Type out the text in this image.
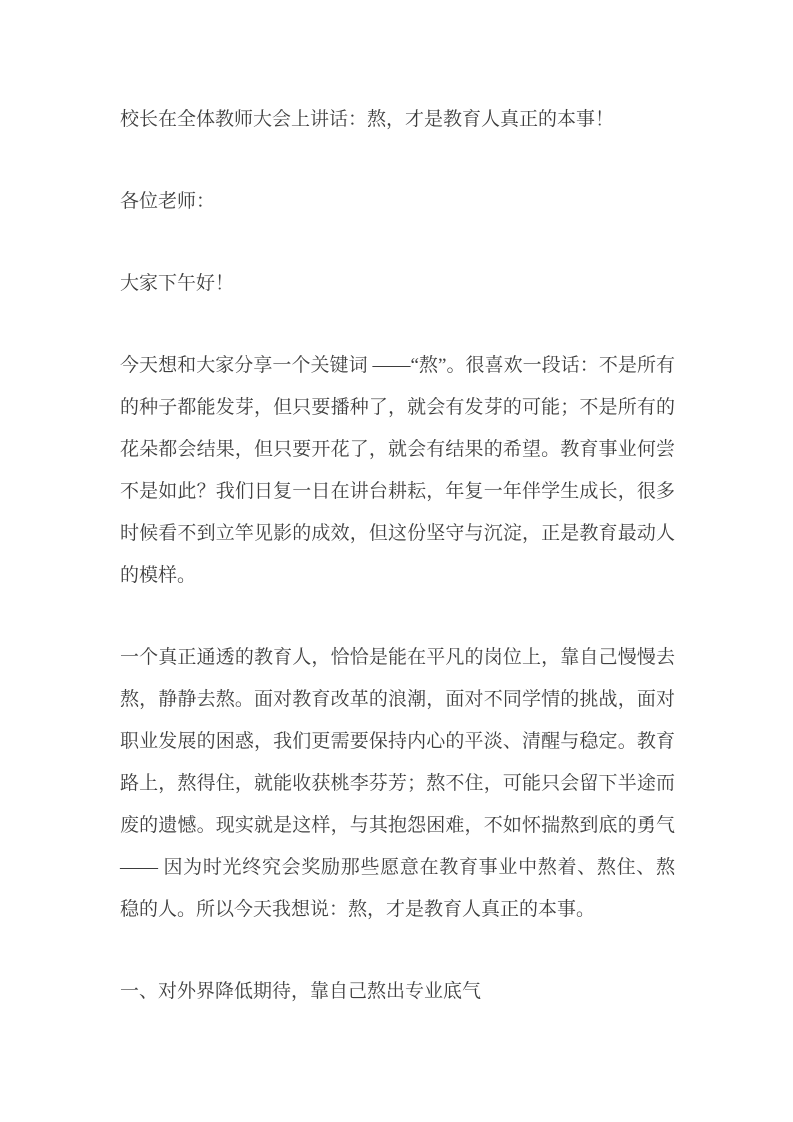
校长在全体教师大会上讲话：熬，才是教育人真正的本事！
各位老师：
大家下午好！
今天想和大家分享一个关键词 ——“熬”。很喜欢一段话：不是所有的种子都能发芽，但只要播种了，就会有发芽的可能；不是所有的花朵都会结果，但只要开花了，就会有结果的希望。教育事业何尝不是如此？我们日复一日在讲台耕耘，年复一年伴学生成长，很多时候看不到立竿见影的成效，但这份坚守与沉淀，正是教育最动人的模样。
一个真正通透的教育人，恰恰是能在平凡的岗位上，靠自己慢慢去熬，静静去熬。面对教育改革的浪潮，面对不同学情的挑战，面对职业发展的困惑，我们更需要保持内心的平淡、清醒与稳定。教育路上，熬得住，就能收获桃李芬芳；熬不住，可能只会留下半途而废的遗憾。现实就是这样，与其抱怨困难，不如怀揣熬到底的勇气 —— 因为时光终究会奖励那些愿意在教育事业中熬着、熬住、熬稳的人。所以今天我想说：熬，才是教育人真正的本事。
一、对外界降低期待，靠自己熬出专业底气
